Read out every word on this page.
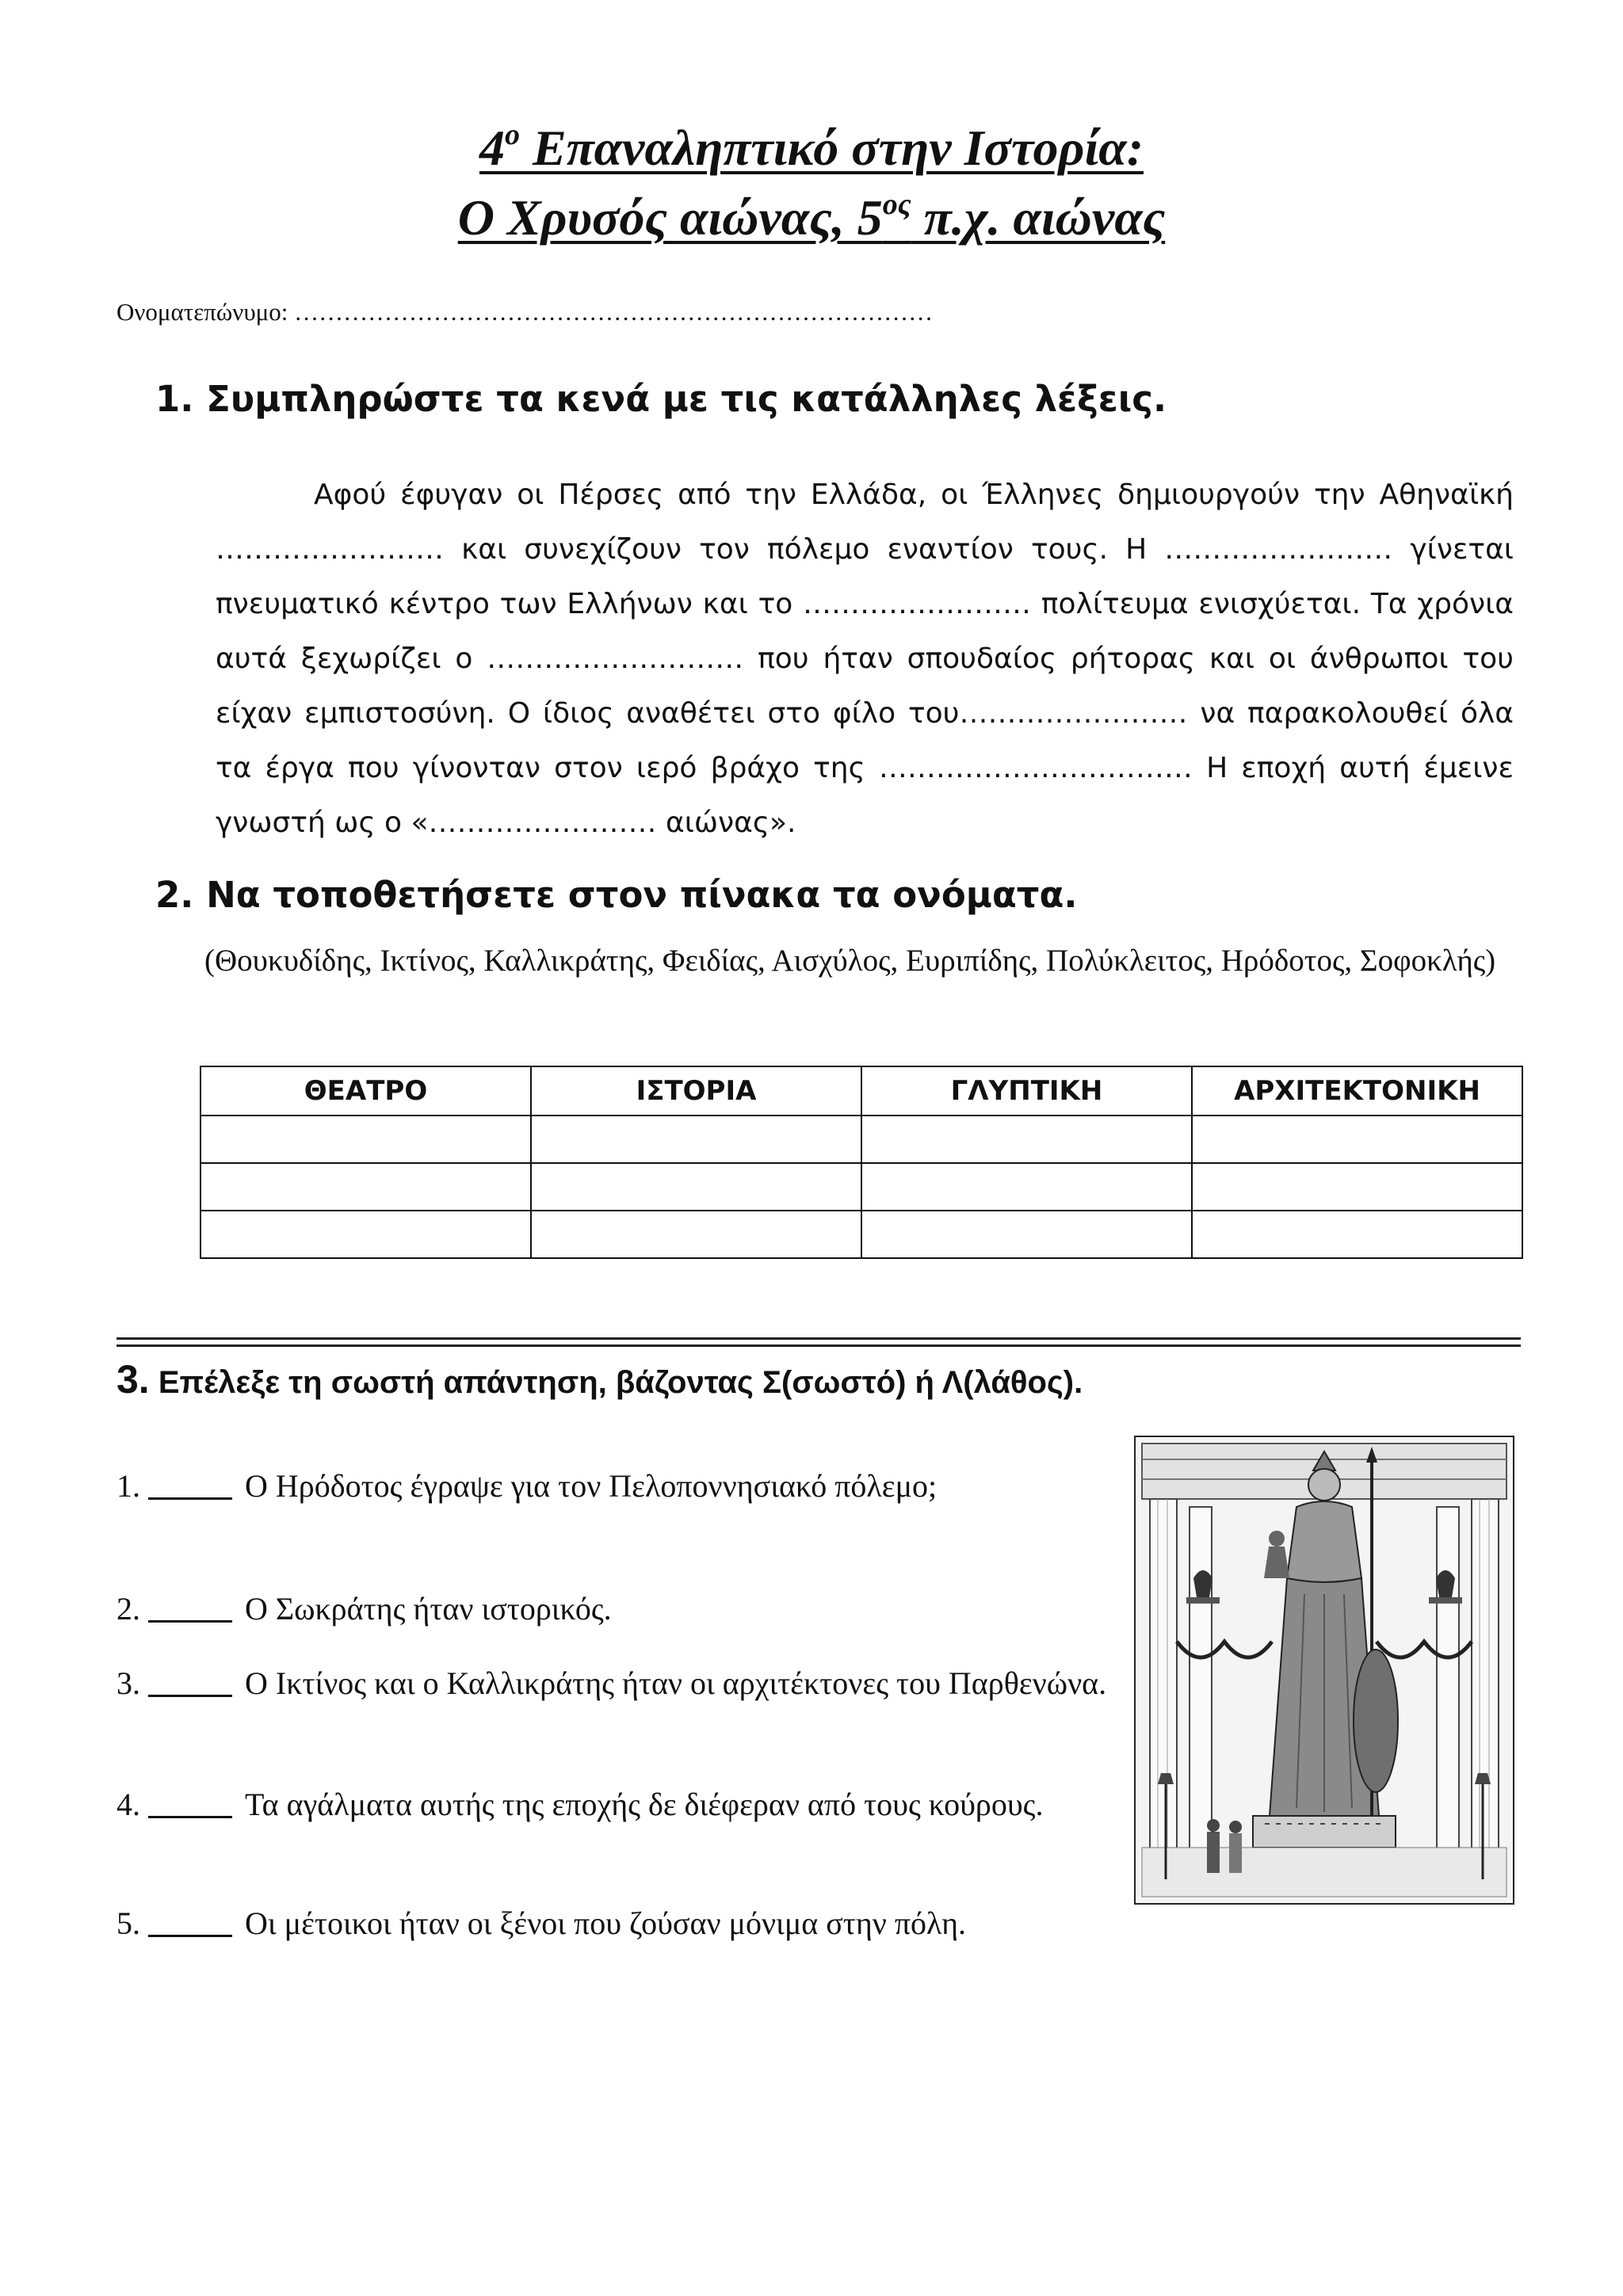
$4^o$ Επαναληπτικό στην Ιστορία:
Ο Χρυσός αιώνας, $5^{o\varsigma}$ π.χ. αιώνας
Ονοματεπώνυμο: ……………………………………………………………………
1. Συμπληρώστε τα κενά με τις κατάλληλες λέξεις.

Αφού έφυγαν οι Πέρσες από την Ελλάδα, οι Έλληνες δημιουργούν την Αθηναϊκή …………………… και συνεχίζουν τον πόλεμο εναντίον τους. Η …………………… γίνεται πνευματικό κέντρο των Ελλήνων και το …………………… πολίτευμα ενισχύεται. Τα χρόνια αυτά ξεχωρίζει ο ……………………… που ήταν σπουδαίος ρήτορας και οι άνθρωποι του είχαν εμπιστοσύνη. Ο ίδιος αναθέτει στο φίλο του…………………… να παρακολουθεί όλα τα έργα που γίνονταν στον ιερό βράχο της …………………………… Η εποχή αυτή έμεινε γνωστή ως ο «…………………… αιώνας».

2. Να τοποθετήσετε στον πίνακα τα ονόματα.
(Θουκυδίδης, Ικτίνος, Καλλικράτης, Φειδίας, Αισχύλος, Ευριπίδης, Πολύκλειτος, Ηρόδοτος, Σοφοκλής)
ΘΕΑΤΡΟ	ΙΣΤΟΡΙΑ	ΓΛΥΠΤΙΚΗ	ΑΡΧΙΤΕΚΤΟΝΙΚΗ

3. Επέλεξε τη σωστή απάντηση, βάζοντας Σ(σωστό) ή Λ(λάθος).
1.	Ο Ηρόδοτος έγραψε για τον Πελοποννησιακό πόλεμο;
2.	Ο Σωκράτης ήταν ιστορικός.
3.	Ο Ικτίνος και ο Καλλικράτης ήταν οι αρχιτέκτονες του Παρθενώνα.
4.	Τα αγάλματα αυτής της εποχής δε διέφεραν από τους κούρους.
5.	Οι μέτοικοι ήταν οι ξένοι που ζούσαν μόνιμα στην πόλη.
